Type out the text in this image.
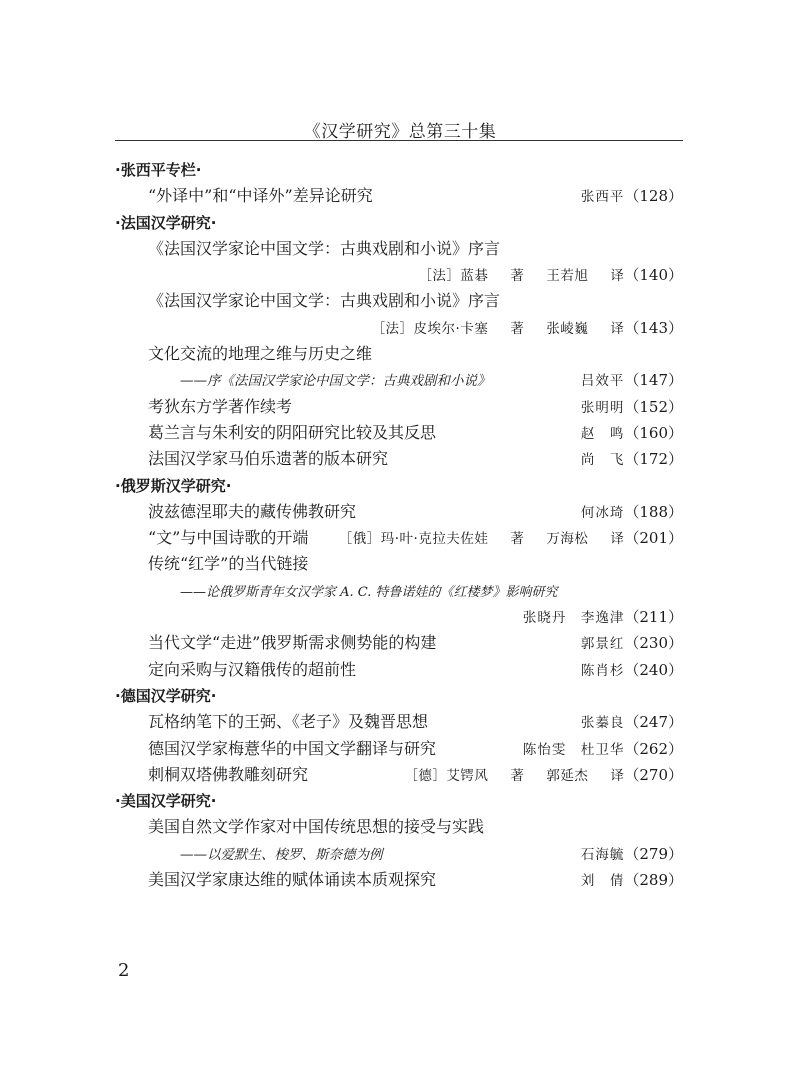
《汉学研究》总第三十集
·张西平专栏·
“外译中”和“中译外”差异论研究	张西平（128）
·法国汉学研究·
《法国汉学家论中国文学：古典戏剧和小说》序言
［法］蓝碁 著 王若旭 译（140）
《法国汉学家论中国文学：古典戏剧和小说》序言
［法］皮埃尔·卡塞 著 张崚巍 译（143）
文化交流的地理之维与历史之维
——序《法国汉学家论中国文学：古典戏剧和小说》	吕效平（147）
考狄东方学著作续考	张明明（152）
葛兰言与朱利安的阴阳研究比较及其反思	赵　鸣（160）
法国汉学家马伯乐遗著的版本研究	尚　飞（172）
·俄罗斯汉学研究·
波兹德涅耶夫的藏传佛教研究	何冰琦（188）
“文”与中国诗歌的开端 ［俄］玛·叶·克拉夫佐娃 著 万海松 译（201）
传统“红学”的当代链接
——论俄罗斯青年女汉学家 A. C. 特鲁诺娃的《红楼梦》影响研究
张晓丹　李逸津（211）
当代文学“走进”俄罗斯需求侧势能的构建	郭景红（230）
定向采购与汉籍俄传的超前性	陈肖杉（240）
·德国汉学研究·
瓦格纳笔下的王弼、《老子》及魏晋思想	张蓁良（247）
德国汉学家梅薏华的中国文学翻译与研究	陈怡雯　杜卫华（262）
刺桐双塔佛教雕刻研究	［德］艾锷风 著 郭延杰 译（270）
·美国汉学研究·
美国自然文学作家对中国传统思想的接受与实践
——以爱默生、梭罗、斯奈德为例	石海毓（279）
美国汉学家康达维的赋体诵读本质观探究	刘　倩（289）
2
